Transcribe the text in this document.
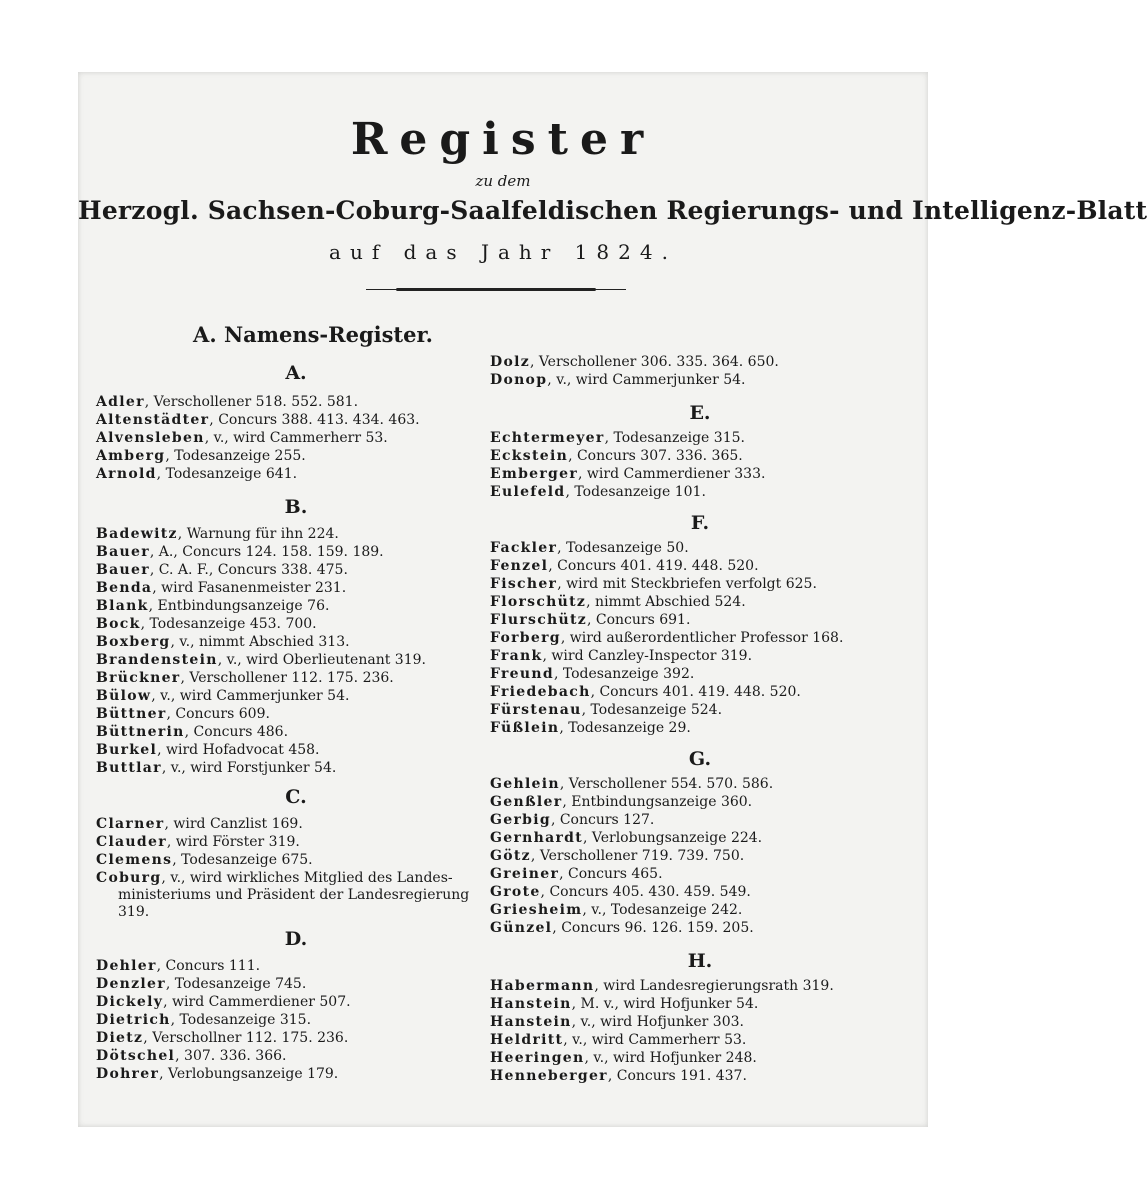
Register
zu dem
Herzogl. Sachsen-Coburg-Saalfeldischen Regierungs- und Intelligenz-Blatt
auf das Jahr 1824.
A. Namens-Register.
A.
Adler, Verschollener 518. 552. 581.
Altenstädter, Concurs 388. 413. 434. 463.
Alvensleben, v., wird Cammerherr 53.
Amberg, Todesanzeige 255.
Arnold, Todesanzeige 641.
B.
Badewitz, Warnung für ihn 224.
Bauer, A., Concurs 124. 158. 159. 189.
Bauer, C. A. F., Concurs 338. 475.
Benda, wird Fasanenmeister 231.
Blank, Entbindungsanzeige 76.
Bock, Todesanzeige 453. 700.
Boxberg, v., nimmt Abschied 313.
Brandenstein, v., wird Oberlieutenant 319.
Brückner, Verschollener 112. 175. 236.
Bülow, v., wird Cammerjunker 54.
Büttner, Concurs 609.
Büttnerin, Concurs 486.
Burkel, wird Hofadvocat 458.
Buttlar, v., wird Forstjunker 54.
C.
Clarner, wird Canzlist 169.
Clauder, wird Förster 319.
Clemens, Todesanzeige 675.
Coburg, v., wird wirkliches Mitglied des Landes-
ministeriums und Präsident der Landesregierung
319.
D.
Dehler, Concurs 111.
Denzler, Todesanzeige 745.
Dickely, wird Cammerdiener 507.
Dietrich, Todesanzeige 315.
Dietz, Verschollner 112. 175. 236.
Dötschel, 307. 336. 366.
Dohrer, Verlobungsanzeige 179.
Dolz, Verschollener 306. 335. 364. 650.
Donop, v., wird Cammerjunker 54.
E.
Echtermeyer, Todesanzeige 315.
Eckstein, Concurs 307. 336. 365.
Emberger, wird Cammerdiener 333.
Eulefeld, Todesanzeige 101.
F.
Fackler, Todesanzeige 50.
Fenzel, Concurs 401. 419. 448. 520.
Fischer, wird mit Steckbriefen verfolgt 625.
Florschütz, nimmt Abschied 524.
Flurschütz, Concurs 691.
Forberg, wird außerordentlicher Professor 168.
Frank, wird Canzley-Inspector 319.
Freund, Todesanzeige 392.
Friedebach, Concurs 401. 419. 448. 520.
Fürstenau, Todesanzeige 524.
Füßlein, Todesanzeige 29.
G.
Gehlein, Verschollener 554. 570. 586.
Genßler, Entbindungsanzeige 360.
Gerbig, Concurs 127.
Gernhardt, Verlobungsanzeige 224.
Götz, Verschollener 719. 739. 750.
Greiner, Concurs 465.
Grote, Concurs 405. 430. 459. 549.
Griesheim, v., Todesanzeige 242.
Günzel, Concurs 96. 126. 159. 205.
H.
Habermann, wird Landesregierungsrath 319.
Hanstein, M. v., wird Hofjunker 54.
Hanstein, v., wird Hofjunker 303.
Heldritt, v., wird Cammerherr 53.
Heeringen, v., wird Hofjunker 248.
Henneberger, Concurs 191. 437.
